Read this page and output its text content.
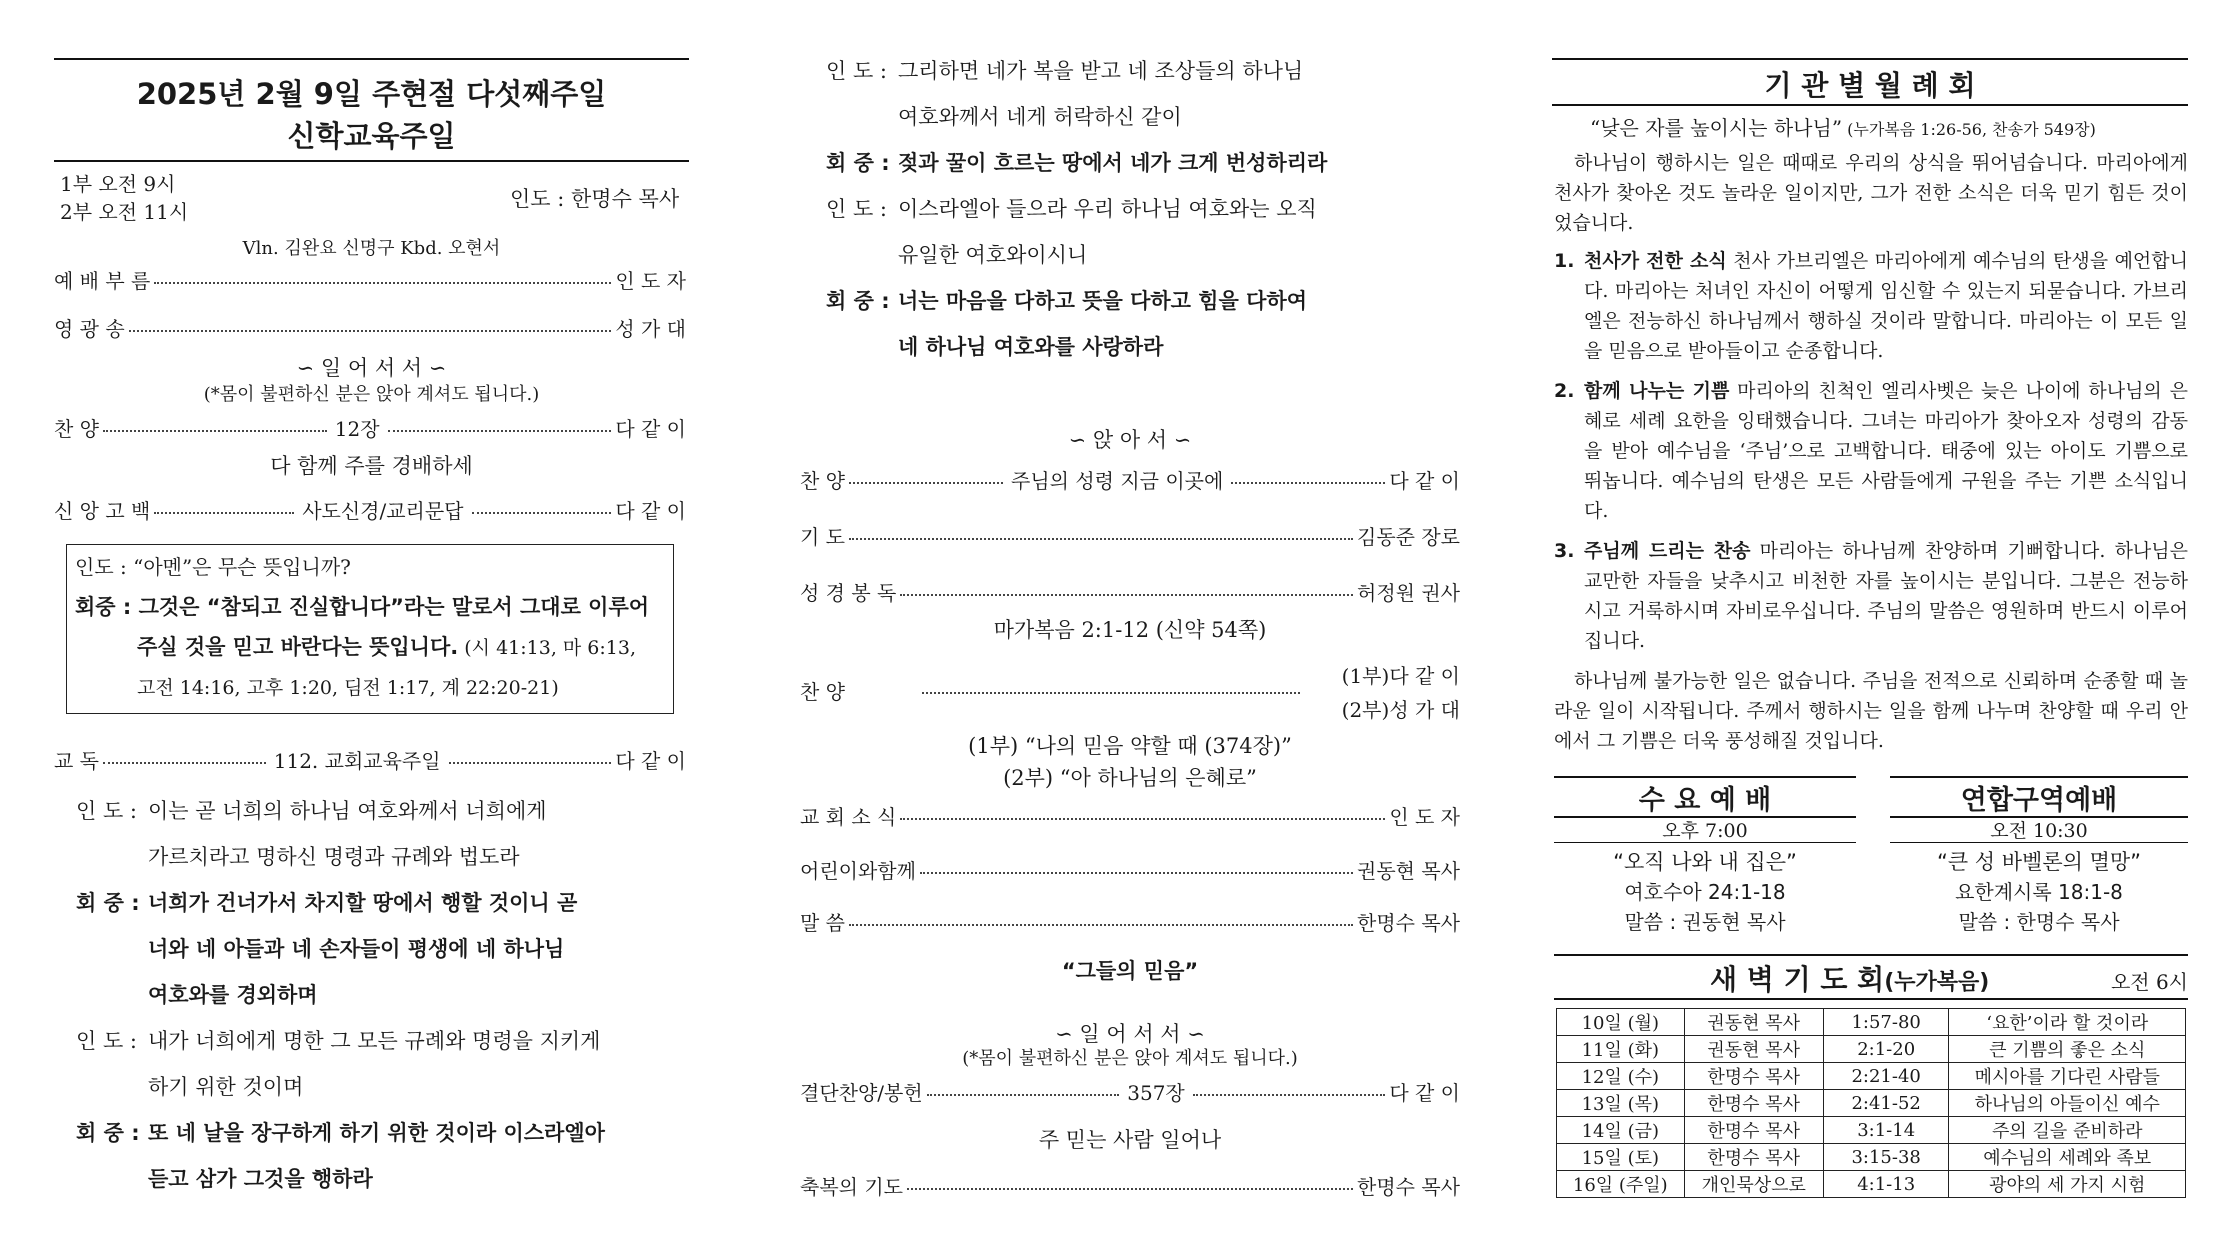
2025년 2월 9일 주현절 다섯째주일
신학교육주일
1부 오전 9시
2부 오전 11시
인도 : 한명수 목사
Vln. 김완요 신명구 Kbd. 오현서
예 배 부 름	인 도 자
영 광 송	성 가 대
∽ 일 어 서 서 ∽
(*몸이 불편하신 분은 앉아 계셔도 됩니다.)
찬 양	12장	다 같 이
다 함께 주를 경배하세
신 앙 고 백	사도신경/교리문답	다 같 이
인도 : “아멘”은 무슨 뜻입니까?
회중 : 그것은 “참되고 진실합니다”라는 말로서 그대로 이루어
주실 것을 믿고 바란다는 뜻입니다. (시 41:13, 마 6:13,
고전 14:16, 고후 1:20, 딤전 1:17, 계 22:20-21)
교 독	112. 교회교육주일	다 같 이
인 도 : 이는 곧 너희의 하나님 여호와께서 너희에게
가르치라고 명하신 명령과 규례와 법도라
회 중 : 너희가 건너가서 차지할 땅에서 행할 것이니 곧
너와 네 아들과 네 손자들이 평생에 네 하나님
여호와를 경외하며
인 도 : 내가 너희에게 명한 그 모든 규례와 명령을 지키게
하기 위한 것이며
회 중 : 또 네 날을 장구하게 하기 위한 것이라 이스라엘아
듣고 삼가 그것을 행하라
인 도 : 그리하면 네가 복을 받고 네 조상들의 하나님
여호와께서 네게 허락하신 같이
회 중 : 젖과 꿀이 흐르는 땅에서 네가 크게 번성하리라
인 도 : 이스라엘아 들으라 우리 하나님 여호와는 오직
유일한 여호와이시니
회 중 : 너는 마음을 다하고 뜻을 다하고 힘을 다하여
네 하나님 여호와를 사랑하라
∽ 앉 아 서 ∽
찬 양	주님의 성령 지금 이곳에	다 같 이
기 도	김동준 장로
성 경 봉 독	허정원 권사
마가복음 2:1-12 (신약 54쪽)
찬 양
(1부)다 같 이
(2부)성 가 대
(1부) “나의 믿음 약할 때 (374장)”
(2부) “아 하나님의 은혜로”
교 회 소 식	인 도 자
어린이와함께	권동현 목사
말 씀	한명수 목사
“그들의 믿음”
∽ 일 어 서 서 ∽
(*몸이 불편하신 분은 앉아 계셔도 됩니다.)
결단찬양/봉헌	357장	다 같 이
주 믿는 사람 일어나
축복의 기도	한명수 목사
기 관 별 월 례 회
“낮은 자를 높이시는 하나님” (누가복음 1:26-56, 찬송가 549장)
하나님이 행하시는 일은 때때로 우리의 상식을 뛰어넘습니다. 마리아에게 천사가 찾아온 것도 놀라운 일이지만, 그가 전한 소식은 더욱 믿기 힘든 것이었습니다.
1. 천사가 전한 소식 천사 가브리엘은 마리아에게 예수님의 탄생을 예언합니다. 마리아는 처녀인 자신이 어떻게 임신할 수 있는지 되묻습니다. 가브리엘은 전능하신 하나님께서 행하실 것이라 말합니다. 마리아는 이 모든 일을 믿음으로 받아들이고 순종합니다.
2. 함께 나누는 기쁨 마리아의 친척인 엘리사벳은 늦은 나이에 하나님의 은혜로 세례 요한을 잉태했습니다. 그녀는 마리아가 찾아오자 성령의 감동을 받아 예수님을 ‘주님’으로 고백합니다. 태중에 있는 아이도 기쁨으로 뛰놉니다. 예수님의 탄생은 모든 사람들에게 구원을 주는 기쁜 소식입니다.
3. 주님께 드리는 찬송 마리아는 하나님께 찬양하며 기뻐합니다. 하나님은 교만한 자들을 낮추시고 비천한 자를 높이시는 분입니다. 그분은 전능하시고 거룩하시며 자비로우십니다. 주님의 말씀은 영원하며 반드시 이루어집니다.
하나님께 불가능한 일은 없습니다. 주님을 전적으로 신뢰하며 순종할 때 놀라운 일이 시작됩니다. 주께서 행하시는 일을 함께 나누며 찬양할 때 우리 안에서 그 기쁨은 더욱 풍성해질 것입니다.
수 요 예 배
오후 7:00
“오직 나와 내 집은”
여호수아 24:1-18
말씀 : 권동현 목사
연합구역예배
오전 10:30
“큰 성 바벨론의 멸망”
요한계시록 18:1-8
말씀 : 한명수 목사
새 벽 기 도 회(누가복음)	오전 6시
10일 (월)	권동현 목사	1:57-80	‘요한’이라 할 것이라
11일 (화)	권동현 목사	2:1-20	큰 기쁨의 좋은 소식
12일 (수)	한명수 목사	2:21-40	메시아를 기다린 사람들
13일 (목)	한명수 목사	2:41-52	하나님의 아들이신 예수
14일 (금)	한명수 목사	3:1-14	주의 길을 준비하라
15일 (토)	한명수 목사	3:15-38	예수님의 세례와 족보
16일 (주일)	개인묵상으로	4:1-13	광야의 세 가지 시험
